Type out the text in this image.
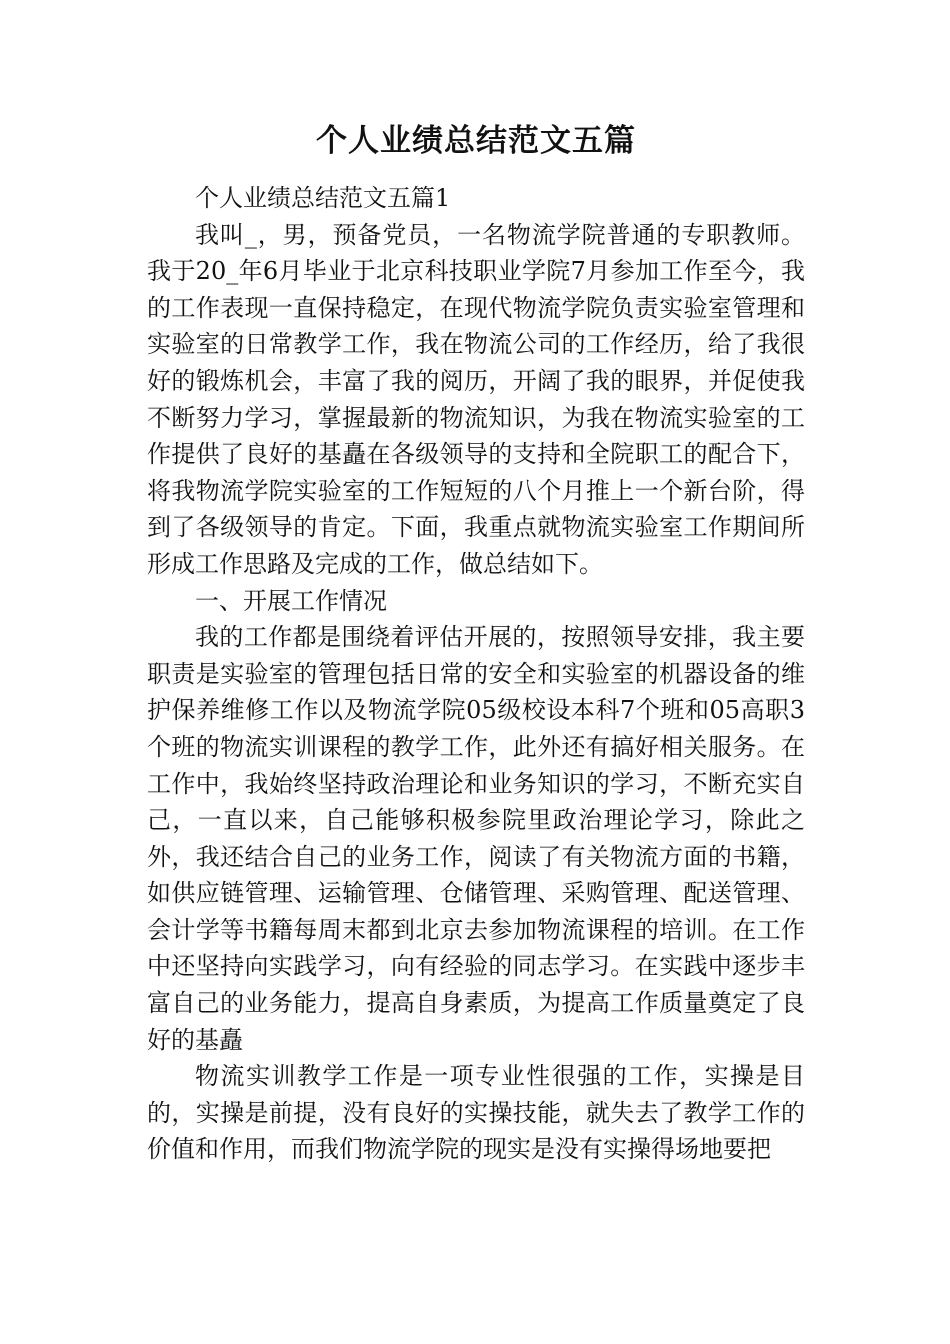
个人业绩总结范文五篇

个人业绩总结范文五篇1

我叫_，男，预备党员，一名物流学院普通的专职教师。我于20_年6月毕业于北京科技职业学院7月参加工作至今，我的工作表现一直保持稳定，在现代物流学院负责实验室管理和实验室的日常教学工作，我在物流公司的工作经历，给了我很好的锻炼机会，丰富了我的阅历，开阔了我的眼界，并促使我不断努力学习，掌握最新的物流知识，为我在物流实验室的工作提供了良好的基矗在各级领导的支持和全院职工的配合下，将我物流学院实验室的工作短短的八个月推上一个新台阶，得到了各级领导的肯定。下面，我重点就物流实验室工作期间所形成工作思路及完成的工作，做总结如下。

一、开展工作情况

我的工作都是围绕着评估开展的，按照领导安排，我主要职责是实验室的管理包括日常的安全和实验室的机器设备的维护保养维修工作以及物流学院05级校设本科7个班和05高职3个班的物流实训课程的教学工作，此外还有搞好相关服务。在工作中，我始终坚持政治理论和业务知识的学习，不断充实自己，一直以来，自己能够积极参院里政治理论学习，除此之外，我还结合自己的业务工作，阅读了有关物流方面的书籍，如供应链管理、运输管理、仓储管理、采购管理、配送管理、会计学等书籍每周末都到北京去参加物流课程的培训。在工作中还坚持向实践学习，向有经验的同志学习。在实践中逐步丰富自己的业务能力，提高自身素质，为提高工作质量奠定了良好的基矗

物流实训教学工作是一项专业性很强的工作，实操是目的，实操是前提，没有良好的实操技能，就失去了教学工作的价值和作用，而我们物流学院的现实是没有实操得场地要把
